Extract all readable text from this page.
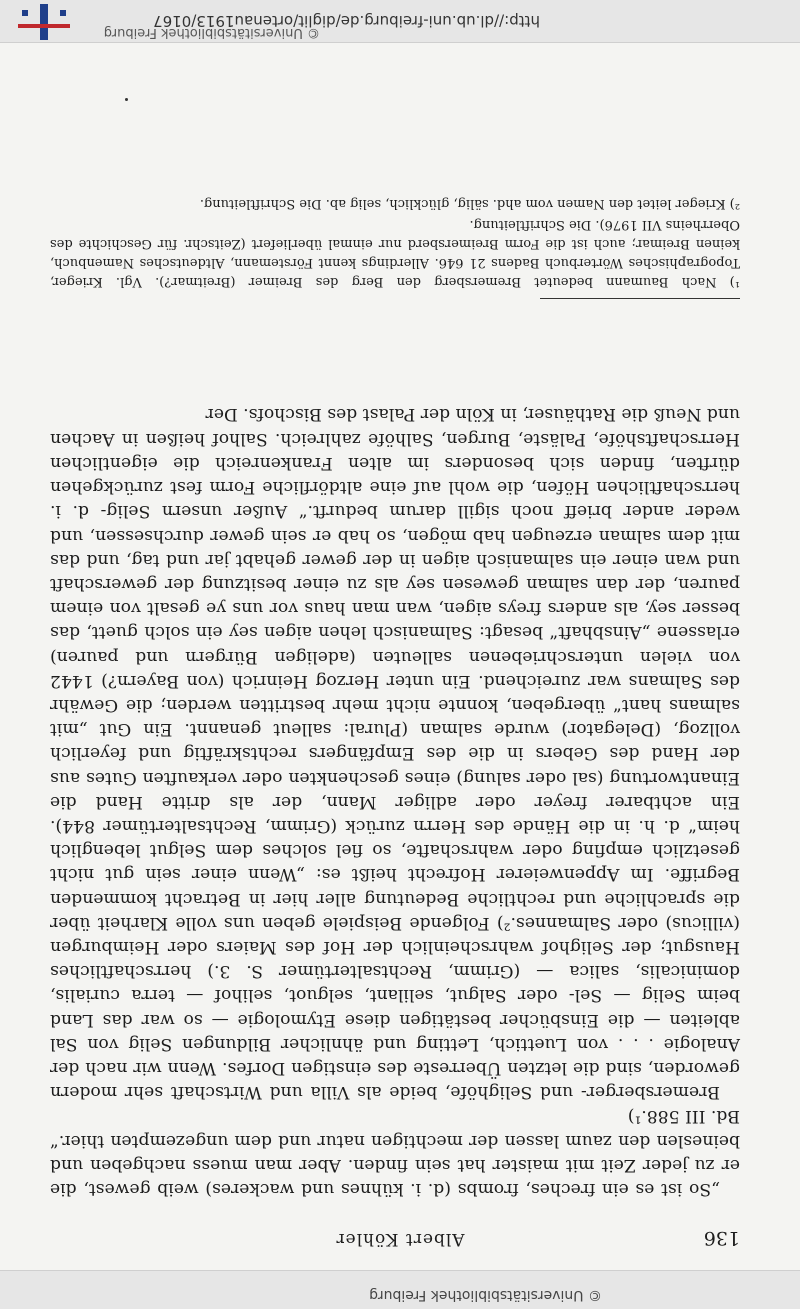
© Universitätsbibliothek Freiburg
136
Albert Köhler

„So ist es ein freches, frombs (d. i. kühnes und wackeres) weib gewest, die er zu jeder Zeit mit maister hat sein finden. Aber man muess nachgeben und beineslen den zaum lassen der mechtigen natur und dem ungezempten thier.“ Bd. III 588.¹)

Bremersberger- und Selighöfe, beide als Villa und Wirtschaft sehr modern geworden, sind die letzten Überreste des einstigen Dorfes. Wenn wir nach der Analogie . . . von Luettich, Letting und ähnlicher Bildungen Selig von Sal ableiten — die Einsbücher bestätigen diese Etymologie — so war das Land beim Selig — Sel- oder Salgut, selilant, selguot, selihof — terra curialis, dominicalis, salica — (Grimm, Rechtsaltertümer S. 3.) herrschaftliches Hausgut; der Selighof wahrscheinlich der Hof des Maiers oder Heimburgen (villicus) oder Salmannes.²) Folgende Beispiele geben uns volle Klarheit über die sprachliche und rechtliche Bedeutung aller hier in Betracht kommenden Begriffe. Im Appenweierer Hofrecht heißt es: „Wenn einer sein gut nicht gesetzlich empfing oder wahrschafte, so fiel solches dem Selgut lebenglich heim“ d. h. in die Hände des Herrn zurück (Grimm, Rechtsaltertümer 844). Ein achtbarer freyer oder adliger Mann, der als dritte Hand die Einantwortung (sal oder salung) eines geschenkten oder verkauften Gutes aus der Hand des Gebers in die des Empfängers rechtskräftig und feyerlich vollzog, (Delegator) wurde salman (Plural: salleut genannt. Ein Gut „mit salmans hant“ übergeben, konnte nicht mehr bestritten werden; die Gewähr des Salmans war zureichend. Ein unter Herzog Heinrich (von Bayern?) 1442 von vielen unterschriebenen salleuten (adeligen Bürgern und pauren) erlassene „Ainsbhaft“ besagt: Salmanisch lehen aigen sey ein solch guett, das besser sey, als anders freys aigen, wan man haus vor uns ye gesalt von einem pauren, der dan salman gewesen sey als zu einer besitzung der gewerschaft und wan einer ein salmanisch aigen in der gewer gehabt jar und tag, und das mit dem salman erzeugen hab mögen, so hab er sein gewer durchsessen, und weder ander brieff noch sigill darum bedurft.“ Außer unsern Selig- d. i. herrschaftlichen Höfen, die wohl auf eine altdörfliche Form fest zurückgehen dürften, finden sich besonders im alten Frankenreich die eigentlichen Herrschaftshöfe, Paläste, Burgen, Salhöfe zahlreich. Salhof heißen in Aachen und Neuß die Rathäuser, in Köln der Palast des Bischofs. Der

¹) Nach Baumann bedeutet Bremersberg den Berg des Breimer (Breitmar?). Vgl. Krieger, Topographisches Wörterbuch Badens 21 646. Allerdings kennt Förstemann, Altdeutsches Namenbuch, keinen Breimar; auch ist die Form Breimersberd nur einmal überliefert (Zeitschr. für Geschichte des Oberrheins VII 1976). Die Schriftleitung.

²) Krieger leitet den Namen vom ahd. sälig, glücklich, selig ab. Die Schriftleitung.

http://dl.ub.uni-freiburg.de/diglit/ortenau1913/0167
© Universitätsbibliothek Freiburg
